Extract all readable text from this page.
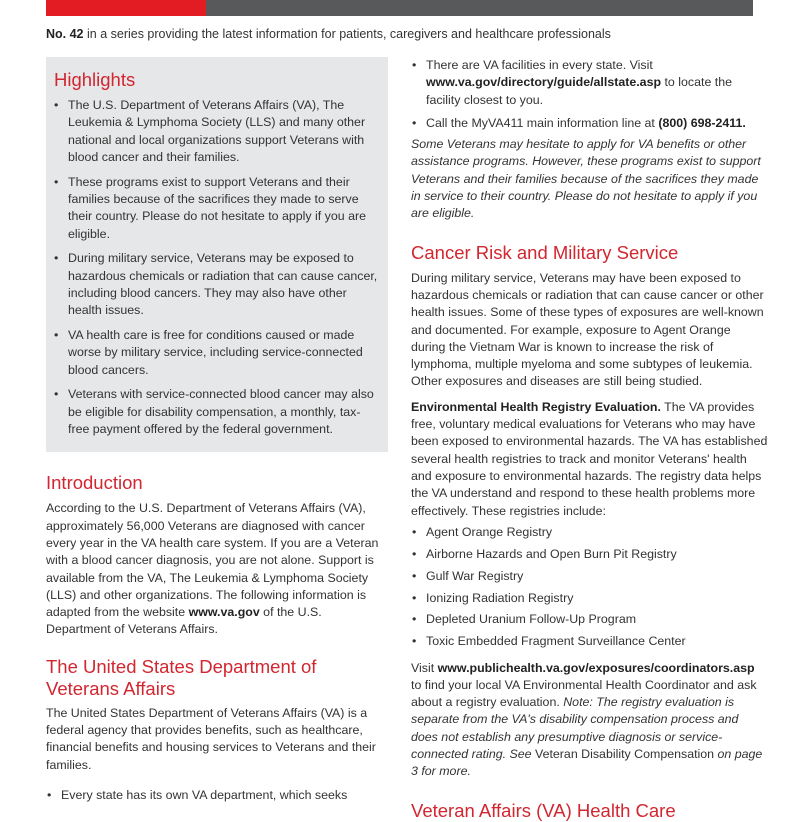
No. 42 in a series providing the latest information for patients, caregivers and healthcare professionals
Highlights
• The U.S. Department of Veterans Affairs (VA), The Leukemia & Lymphoma Society (LLS) and many other national and local organizations support Veterans with blood cancer and their families.
• These programs exist to support Veterans and their families because of the sacrifices they made to serve their country. Please do not hesitate to apply if you are eligible.
• During military service, Veterans may be exposed to hazardous chemicals or radiation that can cause cancer, including blood cancers. They may also have other health issues.
• VA health care is free for conditions caused or made worse by military service, including service-connected blood cancers.
• Veterans with service-connected blood cancer may also be eligible for disability compensation, a monthly, tax-free payment offered by the federal government.
Introduction

According to the U.S. Department of Veterans Affairs (VA), approximately 56,000 Veterans are diagnosed with cancer every year in the VA health care system. If you are a Veteran with a blood cancer diagnosis, you are not alone. Support is available from the VA, The Leukemia & Lymphoma Society (LLS) and other organizations. The following information is adapted from the website www.va.gov of the U.S. Department of Veterans Affairs.

The United States Department of Veterans Affairs

The United States Department of Veterans Affairs (VA) is a federal agency that provides benefits, such as healthcare, financial benefits and housing services to Veterans and their families.

• Every state has its own VA department, which seeks
• There are VA facilities in every state. Visit www.va.gov/directory/guide/allstate.asp to locate the facility closest to you.
• Call the MyVA411 main information line at (800) 698-2411.

Some Veterans may hesitate to apply for VA benefits or other assistance programs. However, these programs exist to support Veterans and their families because of the sacrifices they made in service to their country. Please do not hesitate to apply if you are eligible.

Cancer Risk and Military Service

During military service, Veterans may have been exposed to hazardous chemicals or radiation that can cause cancer or other health issues. Some of these types of exposures are well-known and documented. For example, exposure to Agent Orange during the Vietnam War is known to increase the risk of lymphoma, multiple myeloma and some subtypes of leukemia. Other exposures and diseases are still being studied.

Environmental Health Registry Evaluation. The VA provides free, voluntary medical evaluations for Veterans who may have been exposed to environmental hazards. The VA has established several health registries to track and monitor Veterans' health and exposure to environmental hazards. The registry data helps the VA understand and respond to these health problems more effectively. These registries include:

• Agent Orange Registry
• Airborne Hazards and Open Burn Pit Registry
• Gulf War Registry
• Ionizing Radiation Registry
• Depleted Uranium Follow-Up Program
• Toxic Embedded Fragment Surveillance Center

Visit www.publichealth.va.gov/exposures/coordinators.asp to find your local VA Environmental Health Coordinator and ask about a registry evaluation. Note: The registry evaluation is separate from the VA's disability compensation process and does not establish any presumptive diagnosis or service-connected rating. See Veteran Disability Compensation on page 3 for more.

Veteran Affairs (VA) Health Care
